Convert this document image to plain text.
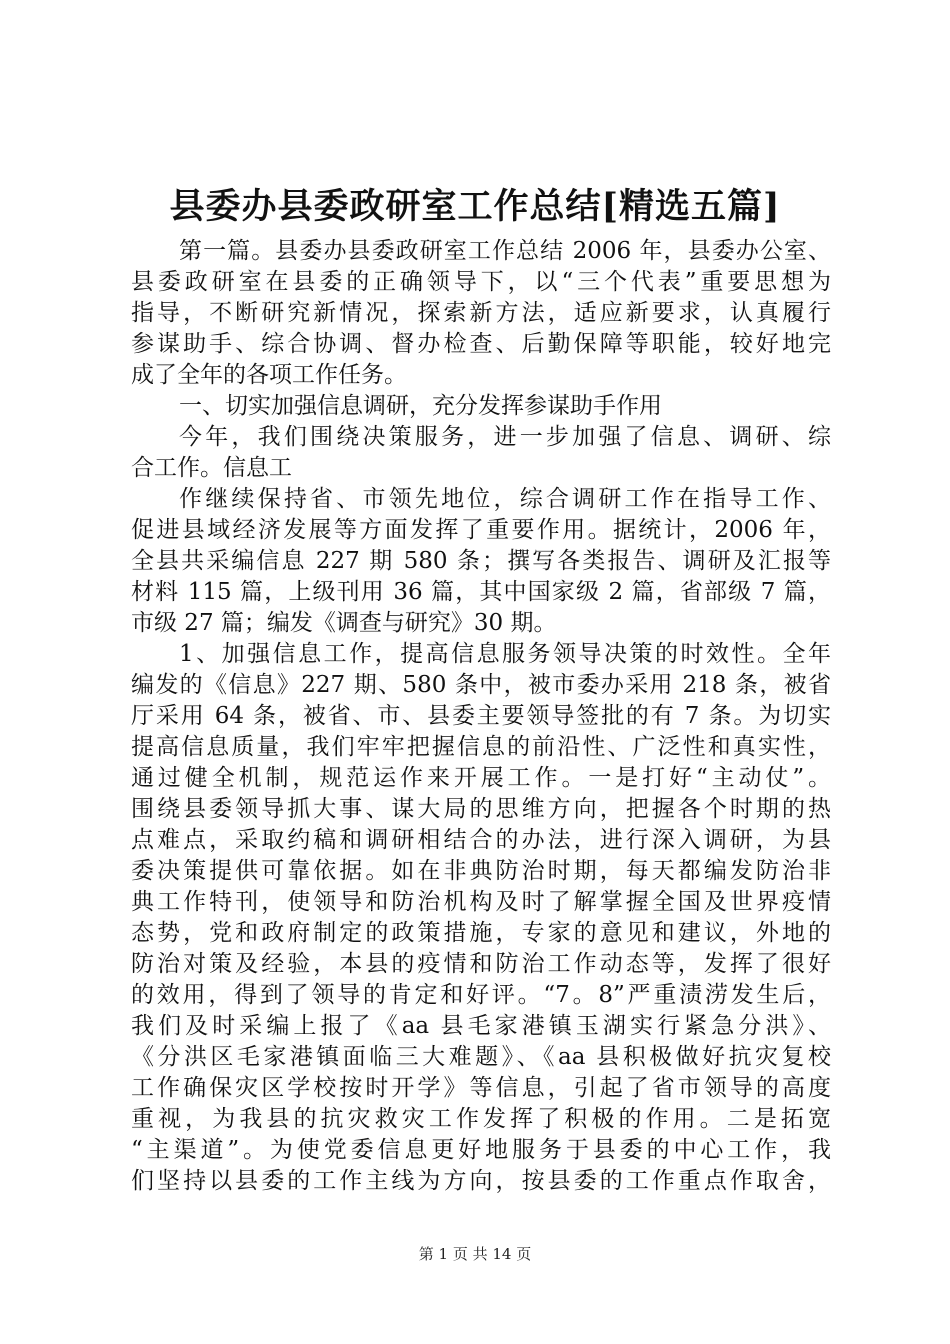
县委办县委政研室工作总结[精选五篇]
第一篇。县委办县委政研室工作总结 2006 年，县委办公室、
县委政研室在县委的正确领导下，以“三个代表”重要思想为
指导，不断研究新情况，探索新方法，适应新要求，认真履行
参谋助手、综合协调、督办检查、后勤保障等职能，较好地完
成了全年的各项工作任务。
一、切实加强信息调研，充分发挥参谋助手作用
今年，我们围绕决策服务，进一步加强了信息、调研、综
合工作。信息工
作继续保持省、市领先地位，综合调研工作在指导工作、
促进县域经济发展等方面发挥了重要作用。据统计，2006 年，
全县共采编信息 227 期 580 条；撰写各类报告、调研及汇报等
材料 115 篇，上级刊用 36 篇，其中国家级 2 篇，省部级 7 篇，
市级 27 篇；编发《调查与研究》30 期。
1、加强信息工作，提高信息服务领导决策的时效性。全年
编发的《信息》227 期、580 条中，被市委办采用 218 条，被省
厅采用 64 条，被省、市、县委主要领导签批的有 7 条。为切实
提高信息质量，我们牢牢把握信息的前沿性、广泛性和真实性，
通过健全机制，规范运作来开展工作。一是打好“主动仗”。
围绕县委领导抓大事、谋大局的思维方向，把握各个时期的热
点难点，采取约稿和调研相结合的办法，进行深入调研，为县
委决策提供可靠依据。如在非典防治时期，每天都编发防治非
典工作特刊，使领导和防治机构及时了解掌握全国及世界疫情
态势，党和政府制定的政策措施，专家的意见和建议，外地的
防治对策及经验，本县的疫情和防治工作动态等，发挥了很好
的效用，得到了领导的肯定和好评。“7。8”严重渍涝发生后，
我们及时采编上报了《aa 县毛家港镇玉湖实行紧急分洪》、
《分洪区毛家港镇面临三大难题》、《aa 县积极做好抗灾复校
工作确保灾区学校按时开学》等信息，引起了省市领导的高度
重视，为我县的抗灾救灾工作发挥了积极的作用。二是拓宽
“主渠道”。为使党委信息更好地服务于县委的中心工作，我
们坚持以县委的工作主线为方向，按县委的工作重点作取舍，
第 1 页 共 14 页
